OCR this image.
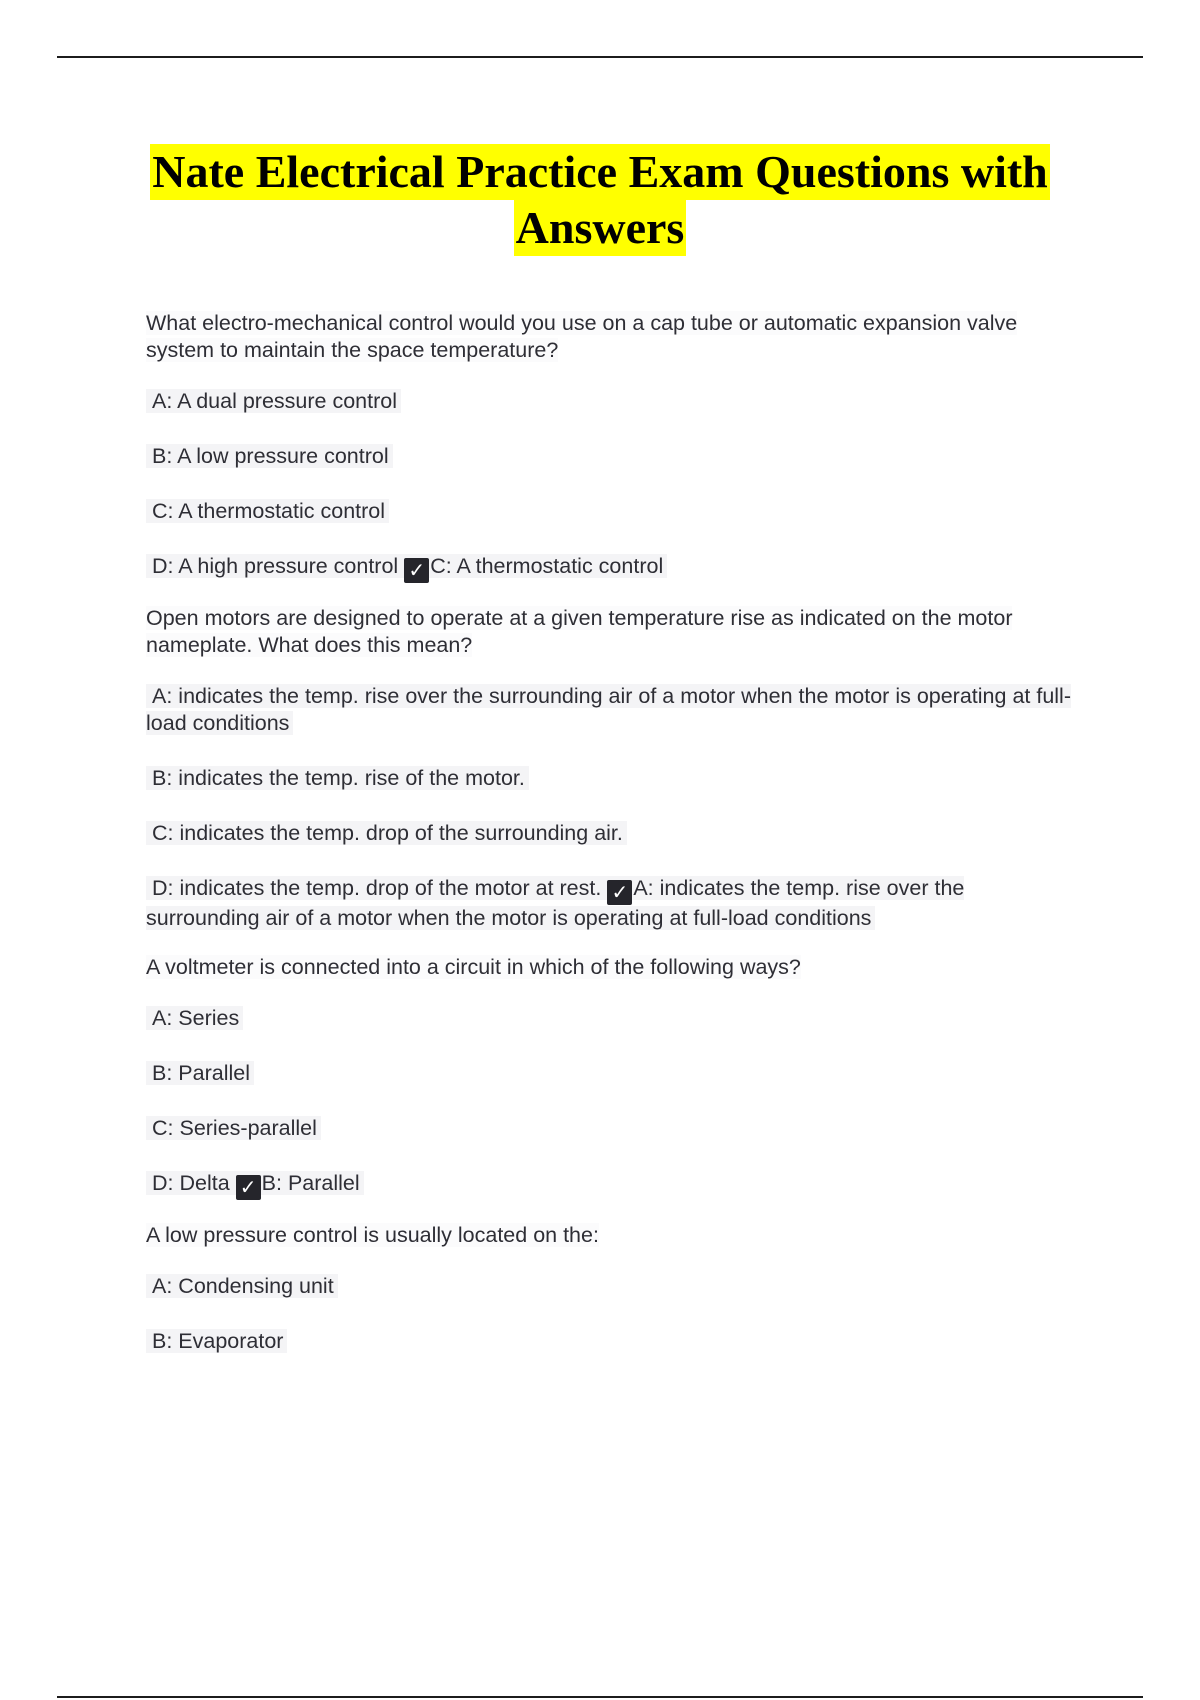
Nate Electrical Practice Exam Questions with
Answers
What electro-mechanical control would you use on a cap tube or automatic expansion valve system to maintain the space temperature?
A: A dual pressure control
B: A low pressure control
C: A thermostatic control
D: A high pressure control ✓ C: A thermostatic control
Open motors are designed to operate at a given temperature rise as indicated on the motor nameplate. What does this mean?
A: indicates the temp. rise over the surrounding air of a motor when the motor is operating at full-load conditions
B: indicates the temp. rise of the motor.
C: indicates the temp. drop of the surrounding air.
D: indicates the temp. drop of the motor at rest. ✓ A: indicates the temp. rise over the surrounding air of a motor when the motor is operating at full-load conditions
A voltmeter is connected into a circuit in which of the following ways?
A: Series
B: Parallel
C: Series-parallel
D: Delta ✓ B: Parallel
A low pressure control is usually located on the:
A: Condensing unit
B: Evaporator
